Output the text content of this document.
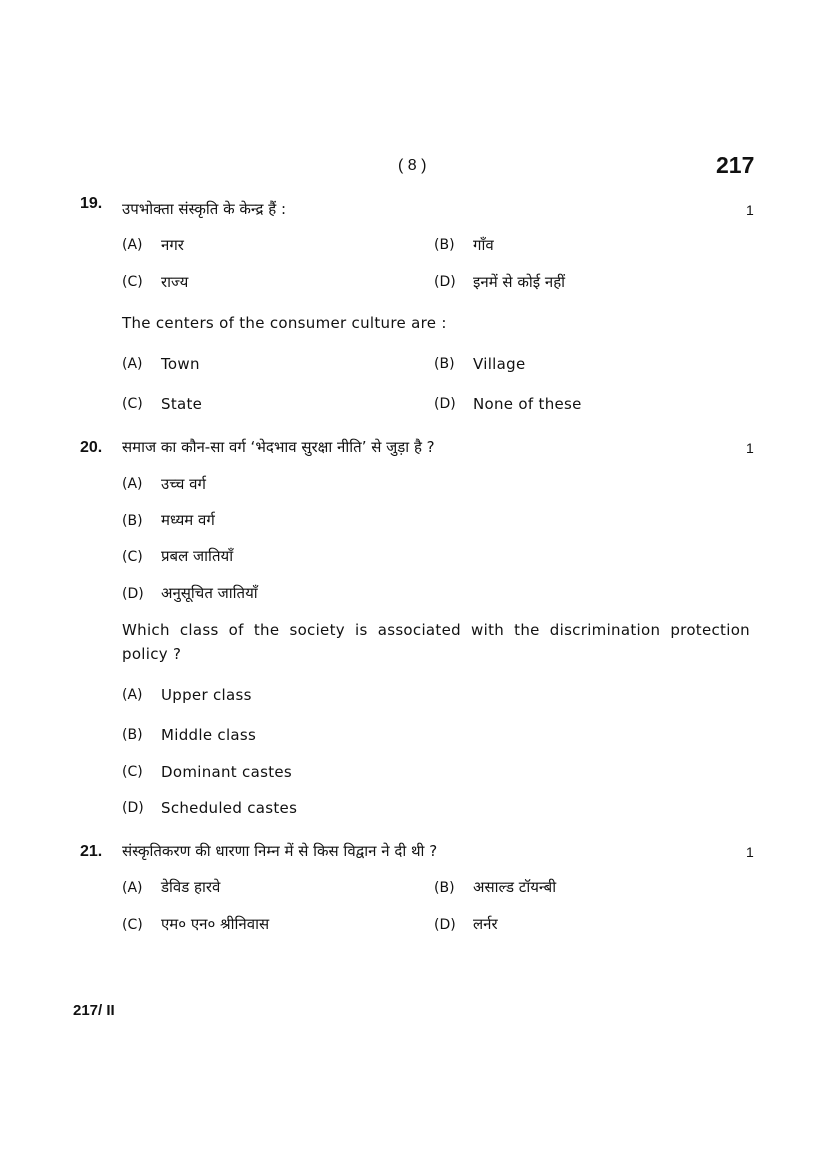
( 8 )	217
19. उपभोक्ता संस्कृति के केन्द्र हैं :	1
(A) नगर	(B) गाँव
(C) राज्य	(D) इनमें से कोई नहीं
The centers of the consumer culture are :
(A) Town	(B) Village
(C) State	(D) None of these
20. समाज का कौन-सा वर्ग ‘भेदभाव सुरक्षा नीति’ से जुड़ा है ?	1
(A) उच्च वर्ग
(B) मध्यम वर्ग
(C) प्रबल जातियाँ
(D) अनुसूचित जातियाँ
Which class of the society is associated with the discrimination protection policy ?
(A) Upper class
(B) Middle class
(C) Dominant castes
(D) Scheduled castes
21. संस्कृतिकरण की धारणा निम्न में से किस विद्वान ने दी थी ?	1
(A) डेविड हारवे	(B) असाल्ड टॉयन्बी
(C) एम० एन० श्रीनिवास	(D) लर्नर
217/ II
